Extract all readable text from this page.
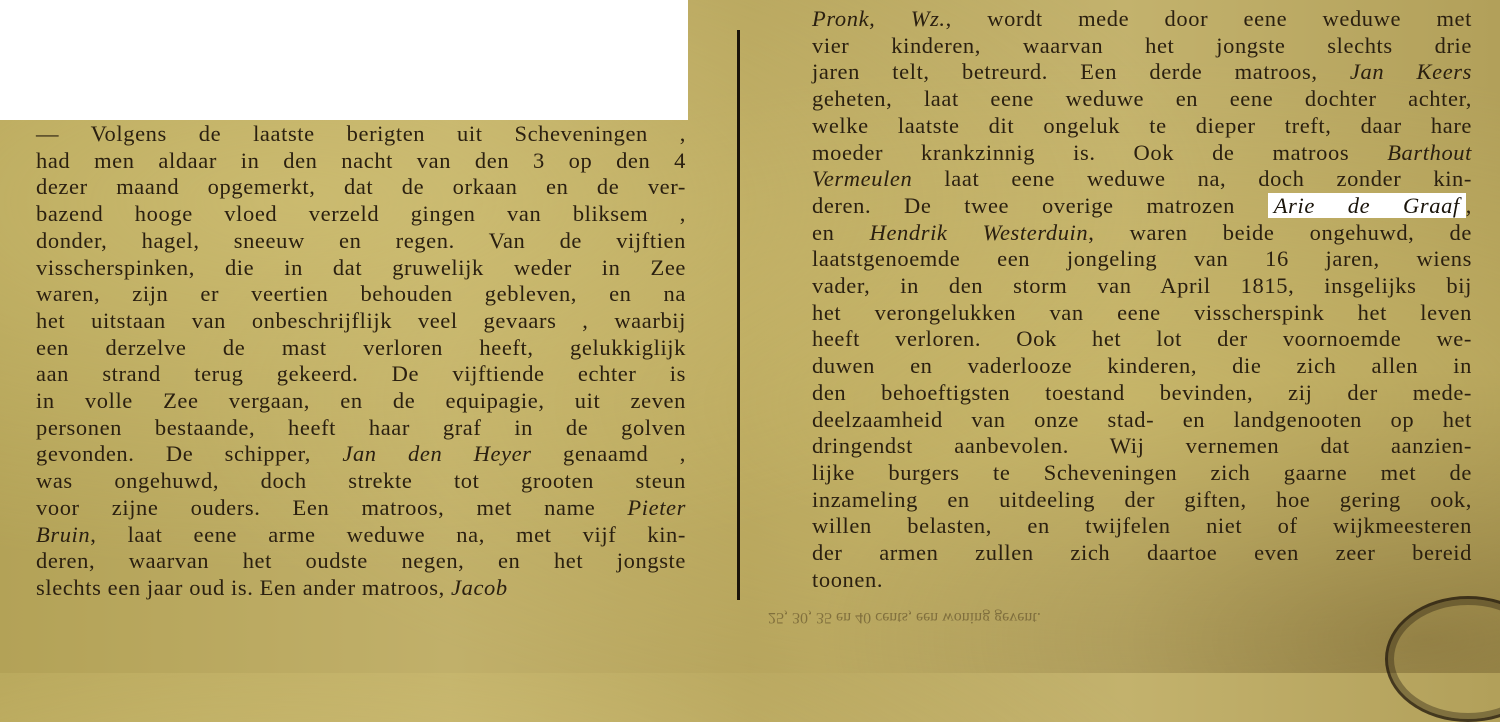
— Volgens de laatste berigten uit Scheveningen ,
had men aldaar in den nacht van den 3 op den 4
dezer maand opgemerkt, dat de orkaan en de ver-
bazend hooge vloed verzeld gingen van bliksem ,
donder, hagel, sneeuw en regen. Van de vijftien
visscherspinken, die in dat gruwelijk weder in Zee
waren, zijn er veertien behouden gebleven, en na
het uitstaan van onbeschrijflijk veel gevaars , waarbij
een derzelve de mast verloren heeft, gelukkiglijk
aan strand terug gekeerd. De vijftiende echter is
in volle Zee vergaan, en de equipagie, uit zeven
personen bestaande, heeft haar graf in de golven
gevonden. De schipper, Jan den Heyer genaamd ,
was ongehuwd, doch strekte tot grooten steun
voor zijne ouders. Een matroos, met name Pieter
Bruin, laat eene arme weduwe na, met vijf kin-
deren, waarvan het oudste negen, en het jongste
slechts een jaar oud is. Een ander matroos, Jacob
Pronk, Wz., wordt mede door eene weduwe met
vier kinderen, waarvan het jongste slechts drie
jaren telt, betreurd. Een derde matroos, Jan Keers
geheten, laat eene weduwe en eene dochter achter,
welke laatste dit ongeluk te dieper treft, daar hare
moeder krankzinnig is. Ook de matroos Barthout
Vermeulen laat eene weduwe na, doch zonder kin-
deren. De twee overige matrozen Arie de Graaf ,
en Hendrik Westerduin, waren beide ongehuwd, de
laatstgenoemde een jongeling van 16 jaren, wiens
vader, in den storm van April 1815, insgelijks bij
het verongelukken van eene visscherspink het leven
heeft verloren. Ook het lot der voornoemde we-
duwen en vaderlooze kinderen, die zich allen in
den behoeftigsten toestand bevinden, zij der mede-
deelzaamheid van onze stad- en landgenooten op het
dringendst aanbevolen. Wij vernemen dat aanzien-
lijke burgers te Scheveningen zich gaarne met de
inzameling en uitdeeling der giften, hoe gering ook,
willen belasten, en twijfelen niet of wijkmeesteren
der armen zullen zich daartoe even zeer bereid
toonen.
25, 30, 35 en 40 cents, een woning gevent.
